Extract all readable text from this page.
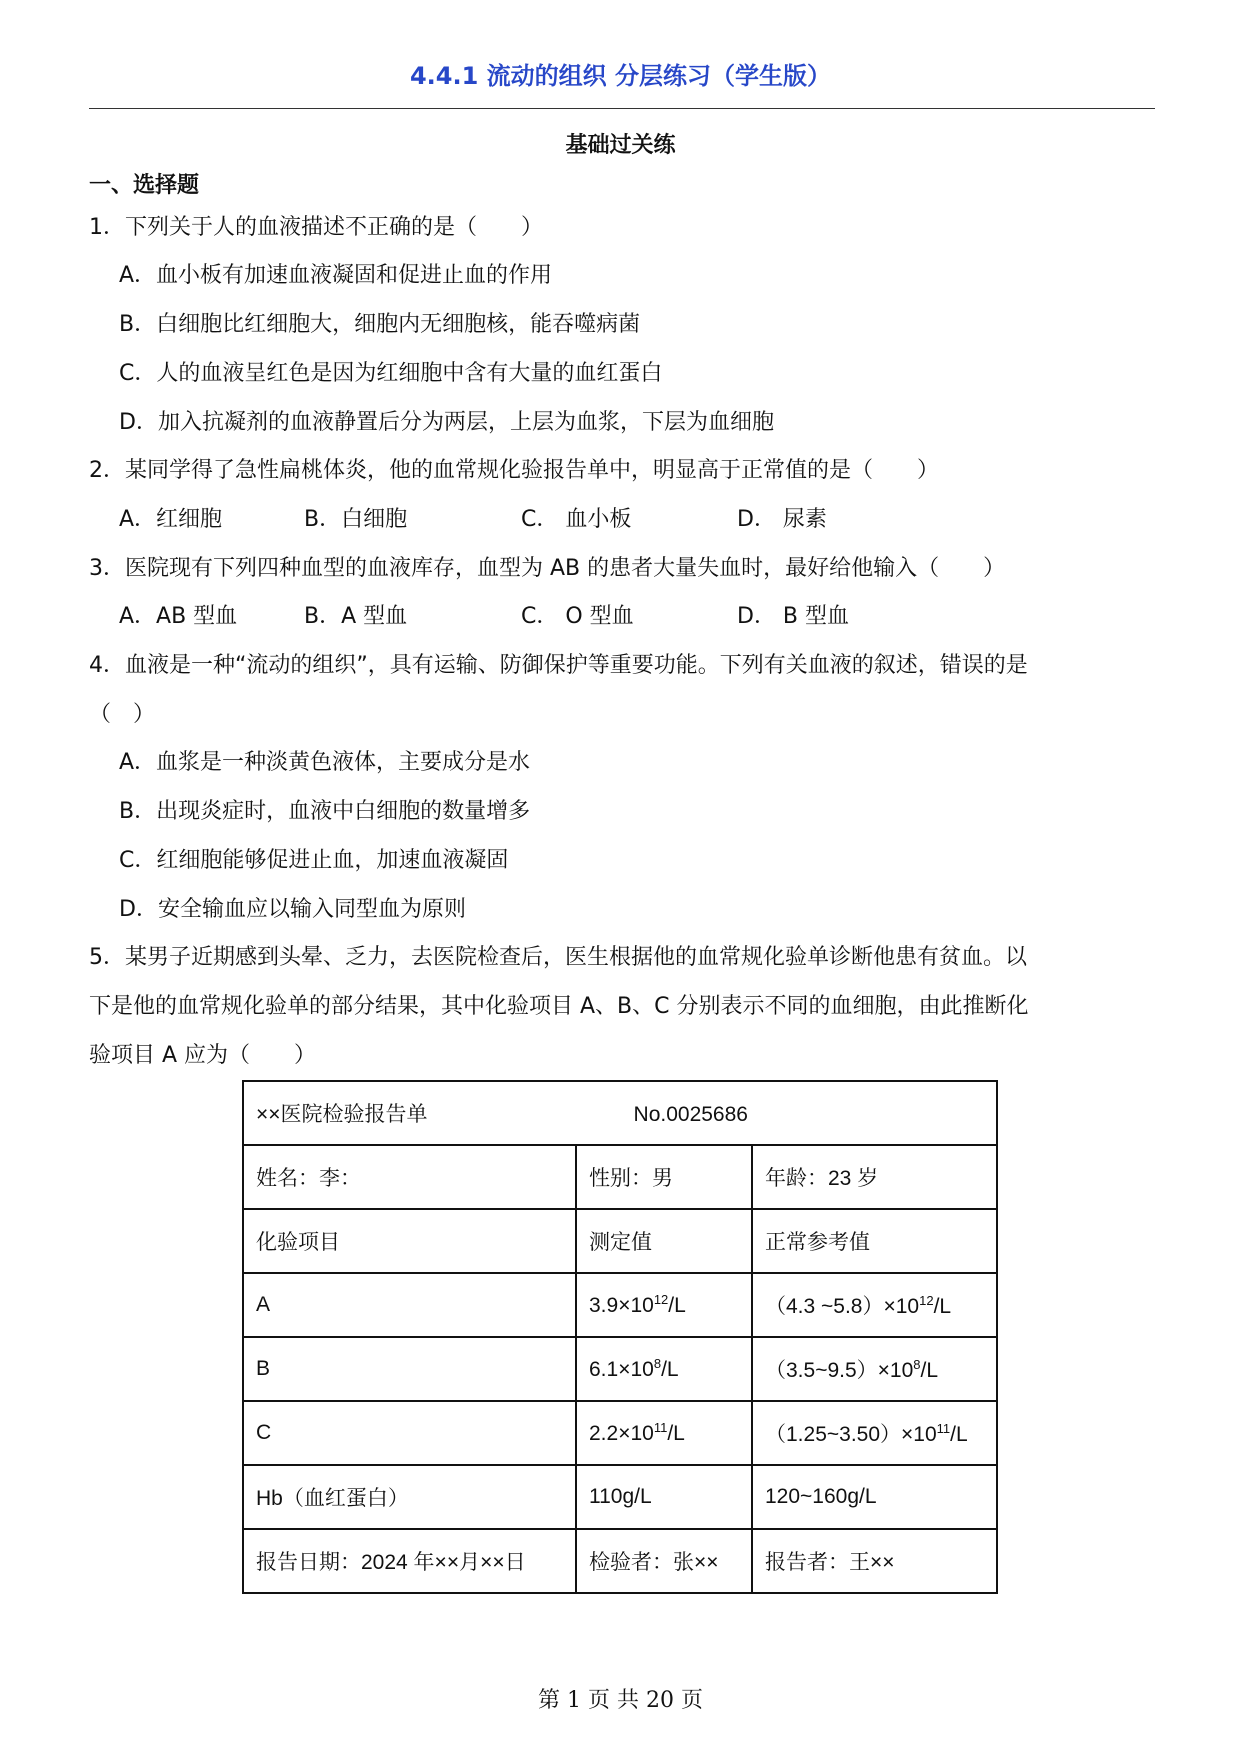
4.4.1 流动的组织 分层练习（学生版）
基础过关练
一、选择题
1．下列关于人的血液描述不正确的是（　　）
A．血小板有加速血液凝固和促进止血的作用
B．白细胞比红细胞大，细胞内无细胞核，能吞噬病菌
C．人的血液呈红色是因为红细胞中含有大量的血红蛋白
D．加入抗凝剂的血液静置后分为两层，上层为血浆，下层为血细胞
2．某同学得了急性扁桃体炎，他的血常规化验报告单中，明显高于正常值的是（　　）
A．红细胞	B．白细胞	C． 血小板	D． 尿素
3．医院现有下列四种血型的血液库存，血型为 AB 的患者大量失血时，最好给他输入（　　）
A．AB 型血	B．A 型血	C． O 型血	D． B 型血
4．血液是一种“流动的组织”，具有运输、防御保护等重要功能。下列有关血液的叙述，错误的是
（　）
A．血浆是一种淡黄色液体，主要成分是水
B．出现炎症时，血液中白细胞的数量增多
C．红细胞能够促进止血，加速血液凝固
D．安全输血应以输入同型血为原则
5．某男子近期感到头晕、乏力，去医院检查后，医生根据他的血常规化验单诊断他患有贫血。以
下是他的血常规化验单的部分结果，其中化验项目 A、B、C 分别表示不同的血细胞，由此推断化
验项目 A 应为（　　）
××医院检验报告单 No.0025686		
姓名：李：	性别：男	年龄：23 岁
化验项目	测定值	正常参考值
A	$3.9\times 10^{12}/L$	（4.3 $\sim 5.8)\times 10^{12}/L$
B	$6.1\times 10^8/L$	$(3.5\sim 9.5)\times 10^8/L$
C	$2.2\times 10^{11}/L$	$(1.25\sim 3.50)\times 10^{11}/L$
Hb（血红蛋白）	110g/L	120~160g/L
报告日期：2024 年××月××日	检验者：张××	报告者：王××
第 1 页 共 20 页
